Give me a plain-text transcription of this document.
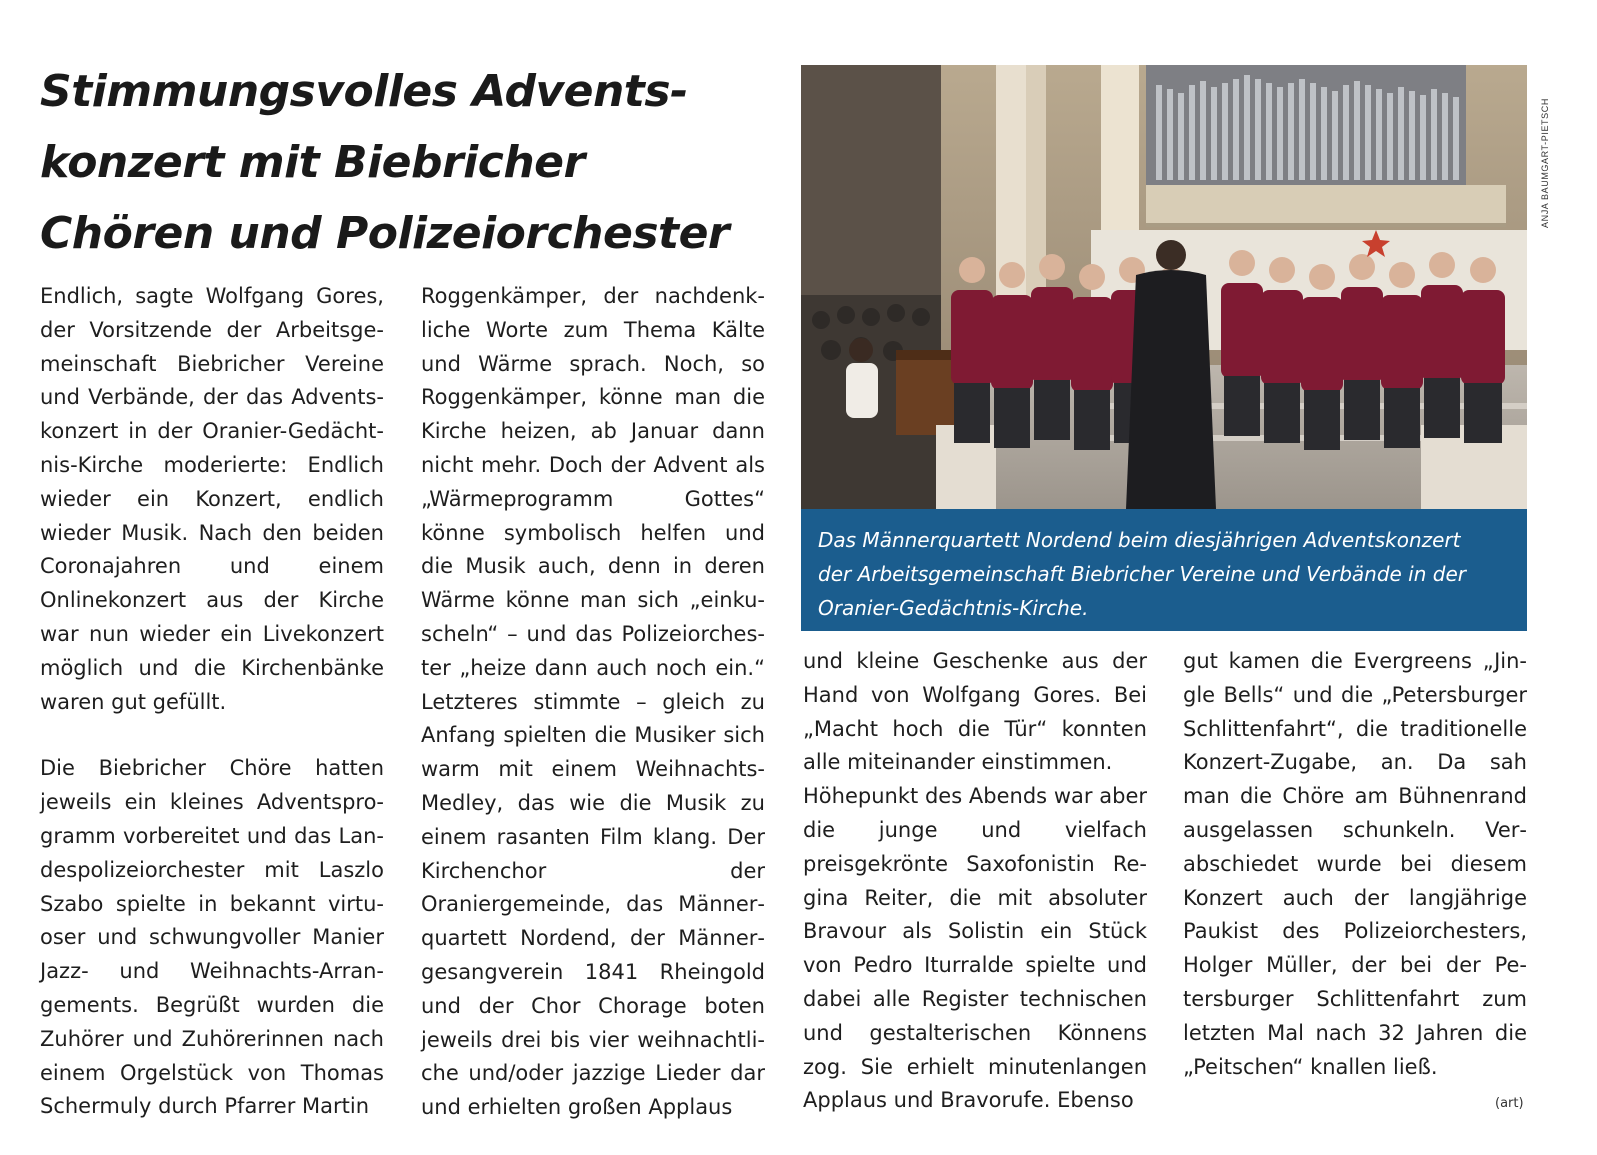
Stimmungsvolles Advents-
konzert mit Biebricher
Chören und Polizeiorchester

Endlich, sagte Wolfgang Gores, der Vorsitzende der Arbeitsgemeinschaft Biebricher Vereine und Verbände, der das Adventskonzert in der Oranier-Gedächtnis-Kirche moderierte: Endlich wieder ein Konzert, endlich wieder Musik. Nach den beiden Coronajahren und einem Onlinekonzert aus der Kirche war nun wieder ein Livekonzert möglich und die Kirchenbänke waren gut gefüllt.

Die Biebricher Chöre hatten jeweils ein kleines Adventsprogramm vorbereitet und das Landespolizeiorchester mit Laszlo Szabo spielte in bekannt virtuoser und schwungvoller Manier Jazz- und Weihnachts-Arrangements. Begrüßt wurden die Zuhörer und Zuhörerinnen nach einem Orgelstück von Thomas Schermuly durch Pfarrer Martin

Roggenkämper, der nachdenkliche Worte zum Thema Kälte und Wärme sprach. Noch, so Roggenkämper, könne man die Kirche heizen, ab Januar dann nicht mehr. Doch der Advent als „Wärmeprogramm Gottes“ könne symbolisch helfen und die Musik auch, denn in deren Wärme könne man sich „einkuscheln“ – und das Polizeiorchester „heize dann auch noch ein.“ Letzteres stimmte – gleich zu Anfang spielten die Musiker sich warm mit einem Weihnachts-Medley, das wie die Musik zu einem rasanten Film klang. Der Kirchenchor der Oraniergemeinde, das Männerquartett Nordend, der Männergesangverein 1841 Rheingold und der Chor Chorage boten jeweils drei bis vier weihnachtliche und/oder jazzige Lieder dar und erhielten großen Applaus

ANJA BAUMGART-PIETSCH
Das Männerquartett Nordend beim diesjährigen Adventskonzert
der Arbeitsgemeinschaft Biebricher Vereine und Verbände in der
Oranier-Gedächtnis-Kirche.

und kleine Geschenke aus der Hand von Wolfgang Gores. Bei „Macht hoch die Tür“ konnten alle miteinander einstimmen.

Höhepunkt des Abends war aber die junge und vielfach preisgekrönte Saxofonistin Regina Reiter, die mit absoluter Bravour als Solistin ein Stück von Pedro Iturralde spielte und dabei alle Register technischen und gestalterischen Könnens zog. Sie erhielt minutenlangen Applaus und Bravorufe. Ebenso

gut kamen die Evergreens „Jingle Bells“ und die „Petersburger Schlittenfahrt“, die traditionelle Konzert-Zugabe, an. Da sah man die Chöre am Bühnenrand ausgelassen schunkeln. Verabschiedet wurde bei diesem Konzert auch der langjährige Paukist des Polizeiorchesters, Holger Müller, der bei der Petersburger Schlittenfahrt zum letzten Mal nach 32 Jahren die „Peitschen“ knallen ließ.

(art)
